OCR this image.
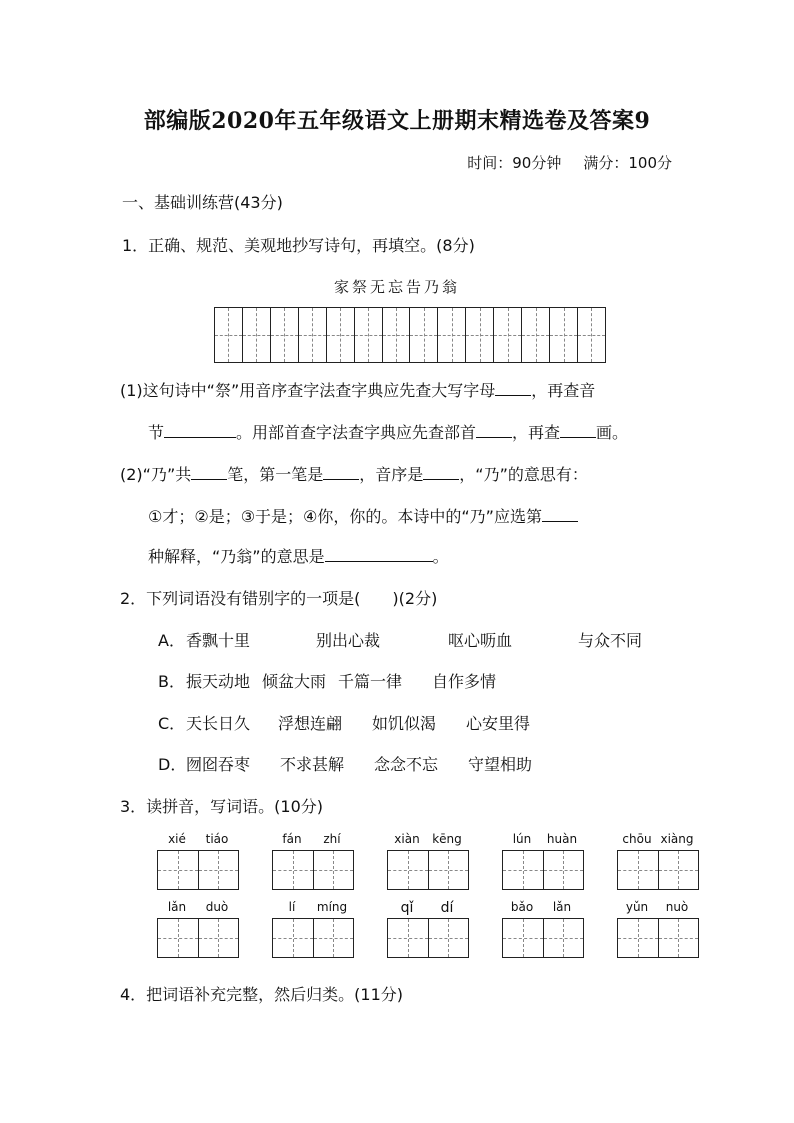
部编版2020年五年级语文上册期末精选卷及答案9
时间：90分钟 满分：100分
一、基础训练营(43分)
1．正确、规范、美观地抄写诗句，再填空。(8分)
家祭无忘告乃翁
(1)这句诗中“祭”用音序查字法查字典应先查大写字母 ，再查音
节	。用部首查字法查字典应先查部首 ，再查 画。
(2)“乃”共 笔，第一笔是 ，音序是 ，“乃”的意思有：
①才；②是；③于是；④你，你的。本诗中的“乃”应选第
种解释，“乃翁”的意思是	。
2．下列词语没有错别字的一项是(　　)(2分)
A．香飘十里	别出心裁	呕心呖血	与众不同
B．振天动地 倾盆大雨 千篇一律 自作多情
C．天长日久 浮想连翩 如饥似渴 心安里得
D．囫囵吞枣 不求甚解 念念不忘 守望相助
3．读拼音，写词语。(10分)
xié	tiáo	fán	zhí	xiàn	kēng	lún	huàn	chōu xiàng
lǎn	duò	lí	míng	qǐ	dí	bǎo	lǎn	yǔn	nuò
4．把词语补充完整，然后归类。(11分)
